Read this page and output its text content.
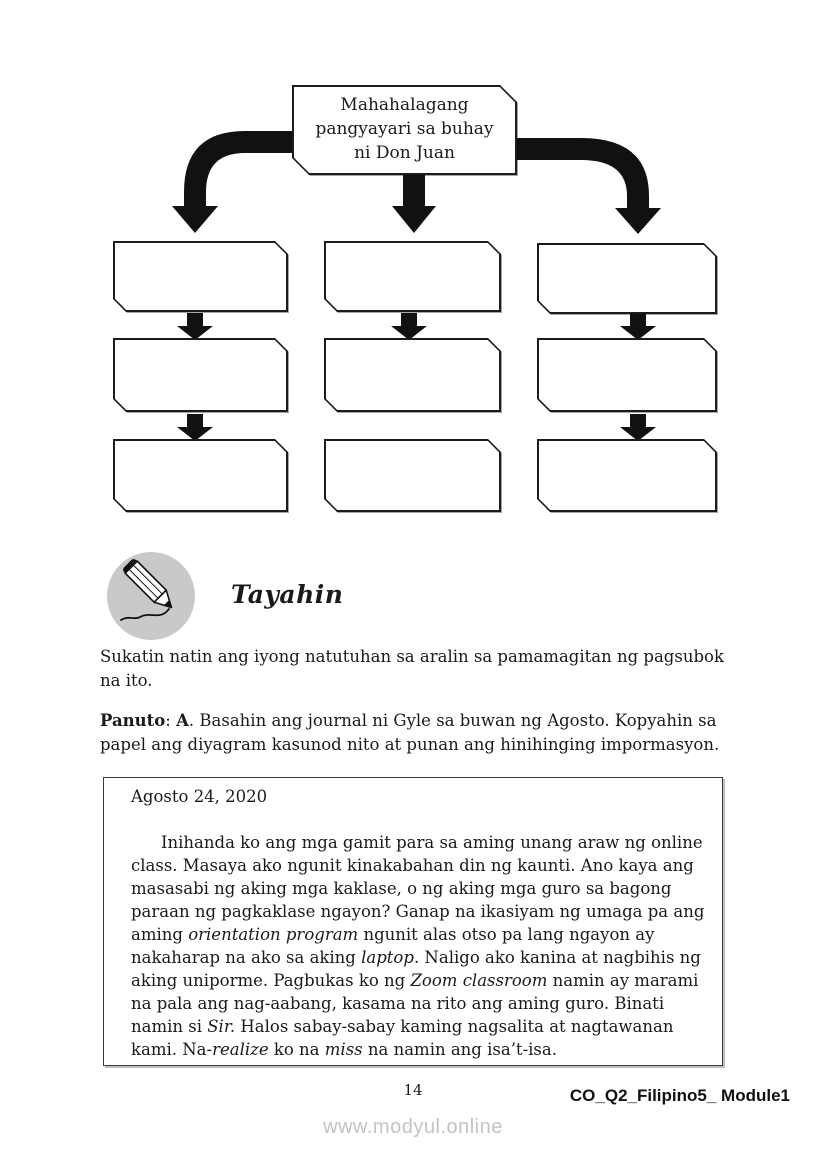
Mahahalagang pangyayari sa buhay ni Don Juan
Tayahin
Sukatin natin ang iyong natutuhan sa aralin sa pamamagitan ng pagsubok na ito.
Panuto: A. Basahin ang journal ni Gyle sa buwan ng Agosto. Kopyahin sa papel ang diyagram kasunod nito at punan ang hinihinging impormasyon.

Agosto 24, 2020

Inihanda ko ang mga gamit para sa aming unang araw ng online class. Masaya ako ngunit kinakabahan din ng kaunti. Ano kaya ang masasabi ng aking mga kaklase, o ng aking mga guro sa bagong paraan ng pagkaklase ngayon? Ganap na ikasiyam ng umaga pa ang aming orientation program ngunit alas otso pa lang ngayon ay nakaharap na ako sa aking laptop. Naligo ako kanina at nagbihis ng aking uniporme. Pagbukas ko ng Zoom classroom namin ay marami na pala ang nag-aabang, kasama na rito ang aming guro. Binati namin si Sir. Halos sabay-sabay kaming nagsalita at nagtawanan kami. Na-realize ko na miss na namin ang isa’t-isa.

14	CO_Q2_Filipino5_ Module1
www.modyul.online
